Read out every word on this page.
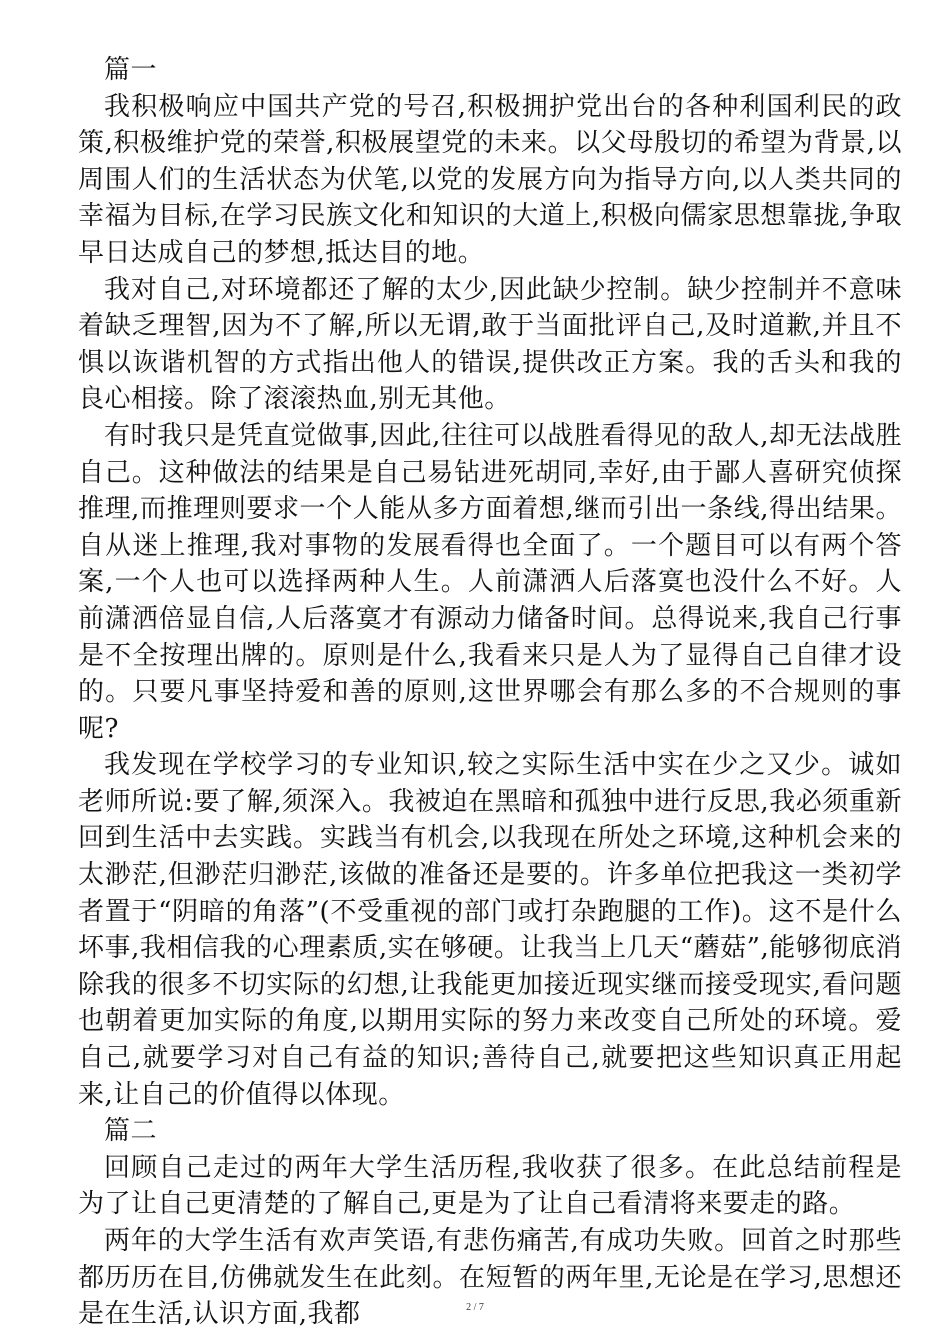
篇一

我积极响应中国共产党的号召,积极拥护党出台的各种利国利民的政策,积极维护党的荣誉,积极展望党的未来。以父母殷切的希望为背景,以周围人们的生活状态为伏笔,以党的发展方向为指导方向,以人类共同的幸福为目标,在学习民族文化和知识的大道上,积极向儒家思想靠拢,争取早日达成自己的梦想,抵达目的地。

我对自己,对环境都还了解的太少,因此缺少控制。缺少控制并不意味着缺乏理智,因为不了解,所以无谓,敢于当面批评自己,及时道歉,并且不惧以诙谐机智的方式指出他人的错误,提供改正方案。我的舌头和我的良心相接。除了滚滚热血,别无其他。

有时我只是凭直觉做事,因此,往往可以战胜看得见的敌人,却无法战胜自己。这种做法的结果是自己易钻进死胡同,幸好,由于鄙人喜研究侦探推理,而推理则要求一个人能从多方面着想,继而引出一条线,得出结果。自从迷上推理,我对事物的发展看得也全面了。一个题目可以有两个答案,一个人也可以选择两种人生。人前潇洒人后落寞也没什么不好。人前潇洒倍显自信,人后落寞才有源动力储备时间。总得说来,我自己行事是不全按理出牌的。原则是什么,我看来只是人为了显得自己自律才设的。只要凡事坚持爱和善的原则,这世界哪会有那么多的不合规则的事呢?

我发现在学校学习的专业知识,较之实际生活中实在少之又少。诚如老师所说:要了解,须深入。我被迫在黑暗和孤独中进行反思,我必须重新回到生活中去实践。实践当有机会,以我现在所处之环境,这种机会来的太渺茫,但渺茫归渺茫,该做的准备还是要的。许多单位把我这一类初学者置于“阴暗的角落”(不受重视的部门或打杂跑腿的工作)。这不是什么坏事,我相信我的心理素质,实在够硬。让我当上几天“蘑菇”,能够彻底消除我的很多不切实际的幻想,让我能更加接近现实继而接受现实,看问题也朝着更加实际的角度,以期用实际的努力来改变自己所处的环境。爱自己,就要学习对自己有益的知识;善待自己,就要把这些知识真正用起来,让自己的价值得以体现。

篇二

回顾自己走过的两年大学生活历程,我收获了很多。在此总结前程是为了让自己更清楚的了解自己,更是为了让自己看清将来要走的路。

两年的大学生活有欢声笑语,有悲伤痛苦,有成功失败。回首之时那些都历历在目,仿佛就发生在此刻。在短暂的两年里,无论是在学习,思想还是在生活,认识方面,我都	2 / 7
